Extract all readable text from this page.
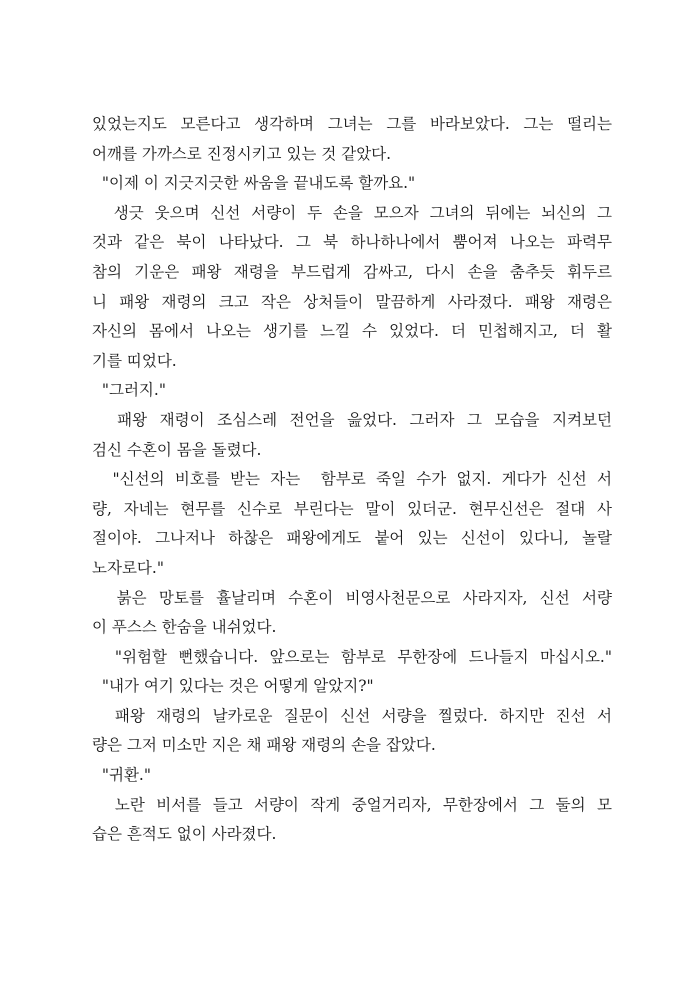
있었는지도 모른다고 생각하며 그녀는 그를 바라보았다. 그는 떨리는
어깨를 가까스로 진정시키고 있는 것 같았다.
"이제 이 지긋지긋한 싸움을 끝내도록 할까요."
생긋 웃으며 신선 서량이 두 손을 모으자 그녀의 뒤에는 뇌신의 그
것과 같은 북이 나타났다. 그 북 하나하나에서 뿜어져 나오는 파력무
참의 기운은 패왕 재령을 부드럽게 감싸고, 다시 손을 춤추듯 휘두르
니 패왕 재령의 크고 작은 상처들이 말끔하게 사라졌다. 패왕 재령은
자신의 몸에서 나오는 생기를 느낄 수 있었다. 더 민첩해지고, 더 활
기를 띠었다.
"그러지."
패왕 재령이 조심스레 전언을 읊었다. 그러자 그 모습을 지켜보던
검신 수혼이 몸을 돌렸다.
"신선의 비호를 받는 자는  함부로 죽일 수가 없지. 게다가 신선 서
량, 자네는 현무를 신수로 부린다는 말이 있더군. 현무신선은 절대 사
절이야. 그나저나 하찮은 패왕에게도 붙어 있는 신선이 있다니, 놀랄
노자로다."
붉은 망토를 휼날리며 수혼이 비영사천문으로 사라지자, 신선 서량
이 푸스스 한숨을 내쉬었다.
"위험할 뻔했습니다. 앞으로는 함부로 무한장에 드나들지 마십시오."
"내가 여기 있다는 것은 어떻게 알았지?"
패왕 재령의 날카로운 질문이 신선 서량을 찔렀다. 하지만 진선 서
량은 그저 미소만 지은 채 패왕 재령의 손을 잡았다.
"귀환."
노란 비서를 들고 서량이 작게 중얼거리자, 무한장에서 그 둘의 모
습은 흔적도 없이 사라졌다.
